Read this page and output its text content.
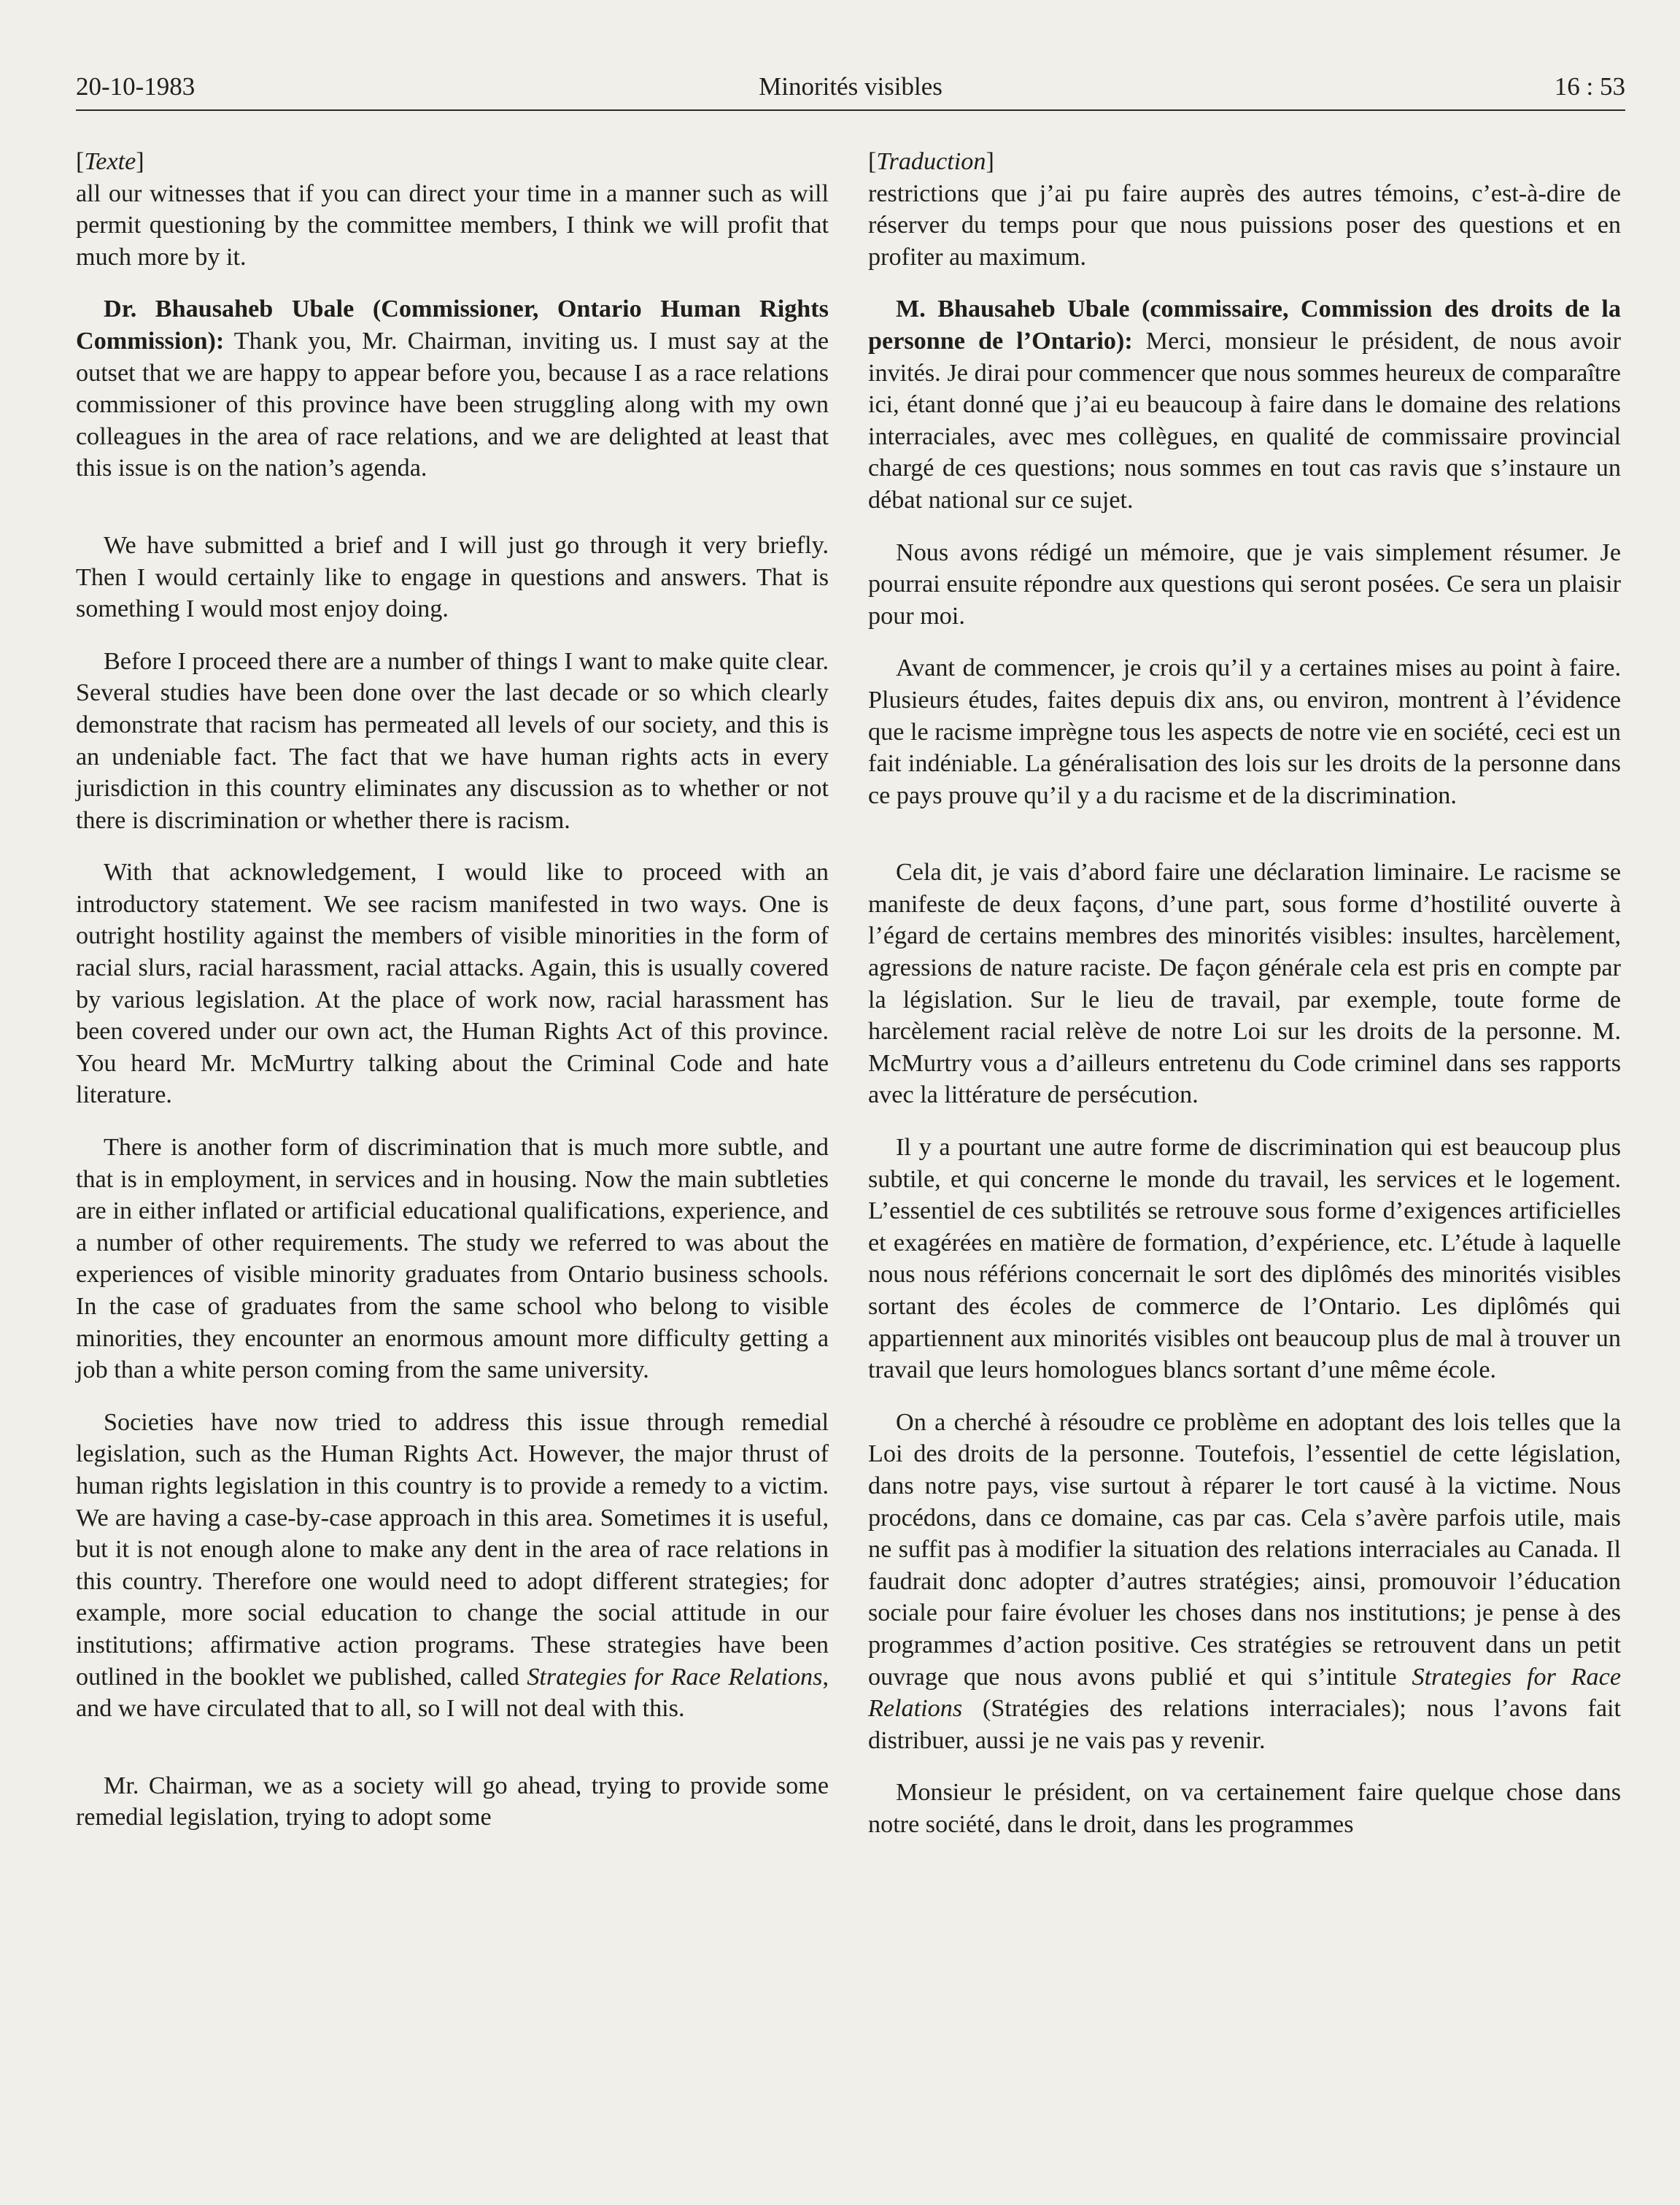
20-10-1983	Minorités visibles	16 : 53
[Texte]

all our witnesses that if you can direct your time in a manner such as will permit questioning by the committee members, I think we will profit that much more by it.

Dr. Bhausaheb Ubale (Commissioner, Ontario Human Rights Commission): Thank you, Mr. Chairman, inviting us. I must say at the outset that we are happy to appear before you, because I as a race relations commissioner of this province have been struggling along with my own colleagues in the area of race relations, and we are delighted at least that this issue is on the nation’s agenda.

We have submitted a brief and I will just go through it very briefly. Then I would certainly like to engage in questions and answers. That is something I would most enjoy doing.

Before I proceed there are a number of things I want to make quite clear. Several studies have been done over the last decade or so which clearly demonstrate that racism has permeated all levels of our society, and this is an undeniable fact. The fact that we have human rights acts in every jurisdiction in this country eliminates any discussion as to whether or not there is discrimination or whether there is racism.

With that acknowledgement, I would like to proceed with an introductory statement. We see racism manifested in two ways. One is outright hostility against the members of visible minorities in the form of racial slurs, racial harassment, racial attacks. Again, this is usually covered by various legislation. At the place of work now, racial harassment has been covered under our own act, the Human Rights Act of this province. You heard Mr. McMurtry talking about the Criminal Code and hate literature.

There is another form of discrimination that is much more subtle, and that is in employment, in services and in housing. Now the main subtleties are in either inflated or artificial educational qualifications, experience, and a number of other requirements. The study we referred to was about the experiences of visible minority graduates from Ontario business schools. In the case of graduates from the same school who belong to visible minorities, they encounter an enormous amount more difficulty getting a job than a white person coming from the same university.

Societies have now tried to address this issue through remedial legislation, such as the Human Rights Act. However, the major thrust of human rights legislation in this country is to provide a remedy to a victim. We are having a case-by-case approach in this area. Sometimes it is useful, but it is not enough alone to make any dent in the area of race relations in this country. Therefore one would need to adopt different strategies; for example, more social education to change the social attitude in our institutions; affirmative action programs. These strategies have been outlined in the booklet we published, called Strategies for Race Relations, and we have circulated that to all, so I will not deal with this.

Mr. Chairman, we as a society will go ahead, trying to provide some remedial legislation, trying to adopt some

[Traduction]

restrictions que j’ai pu faire auprès des autres témoins, c’est-à-dire de réserver du temps pour que nous puissions poser des questions et en profiter au maximum.

M. Bhausaheb Ubale (commissaire, Commission des droits de la personne de l’Ontario): Merci, monsieur le président, de nous avoir invités. Je dirai pour commencer que nous sommes heureux de comparaître ici, étant donné que j’ai eu beaucoup à faire dans le domaine des relations interraciales, avec mes collègues, en qualité de commissaire provincial chargé de ces questions; nous sommes en tout cas ravis que s’instaure un débat national sur ce sujet.

Nous avons rédigé un mémoire, que je vais simplement résumer. Je pourrai ensuite répondre aux questions qui seront posées. Ce sera un plaisir pour moi.

Avant de commencer, je crois qu’il y a certaines mises au point à faire. Plusieurs études, faites depuis dix ans, ou environ, montrent à l’évidence que le racisme imprègne tous les aspects de notre vie en société, ceci est un fait indéniable. La généralisation des lois sur les droits de la personne dans ce pays prouve qu’il y a du racisme et de la discrimination.

Cela dit, je vais d’abord faire une déclaration liminaire. Le racisme se manifeste de deux façons, d’une part, sous forme d’hostilité ouverte à l’égard de certains membres des minorités visibles: insultes, harcèlement, agressions de nature raciste. De façon générale cela est pris en compte par la législation. Sur le lieu de travail, par exemple, toute forme de harcèlement racial relève de notre Loi sur les droits de la personne. M. McMurtry vous a d’ailleurs entretenu du Code criminel dans ses rapports avec la littérature de persécution.

Il y a pourtant une autre forme de discrimination qui est beaucoup plus subtile, et qui concerne le monde du travail, les services et le logement. L’essentiel de ces subtilités se retrouve sous forme d’exigences artificielles et exagérées en matière de formation, d’expérience, etc. L’étude à laquelle nous nous référions concernait le sort des diplômés des minorités visibles sortant des écoles de commerce de l’Ontario. Les diplômés qui appartiennent aux minorités visibles ont beaucoup plus de mal à trouver un travail que leurs homologues blancs sortant d’une même école.

On a cherché à résoudre ce problème en adoptant des lois telles que la Loi des droits de la personne. Toutefois, l’essentiel de cette législation, dans notre pays, vise surtout à réparer le tort causé à la victime. Nous procédons, dans ce domaine, cas par cas. Cela s’avère parfois utile, mais ne suffit pas à modifier la situation des relations interraciales au Canada. Il faudrait donc adopter d’autres stratégies; ainsi, promouvoir l’éducation sociale pour faire évoluer les choses dans nos institutions; je pense à des programmes d’action positive. Ces stratégies se retrouvent dans un petit ouvrage que nous avons publié et qui s’intitule Strategies for Race Relations (Stratégies des relations interraciales); nous l’avons fait distribuer, aussi je ne vais pas y revenir.

Monsieur le président, on va certainement faire quelque chose dans notre société, dans le droit, dans les programmes
